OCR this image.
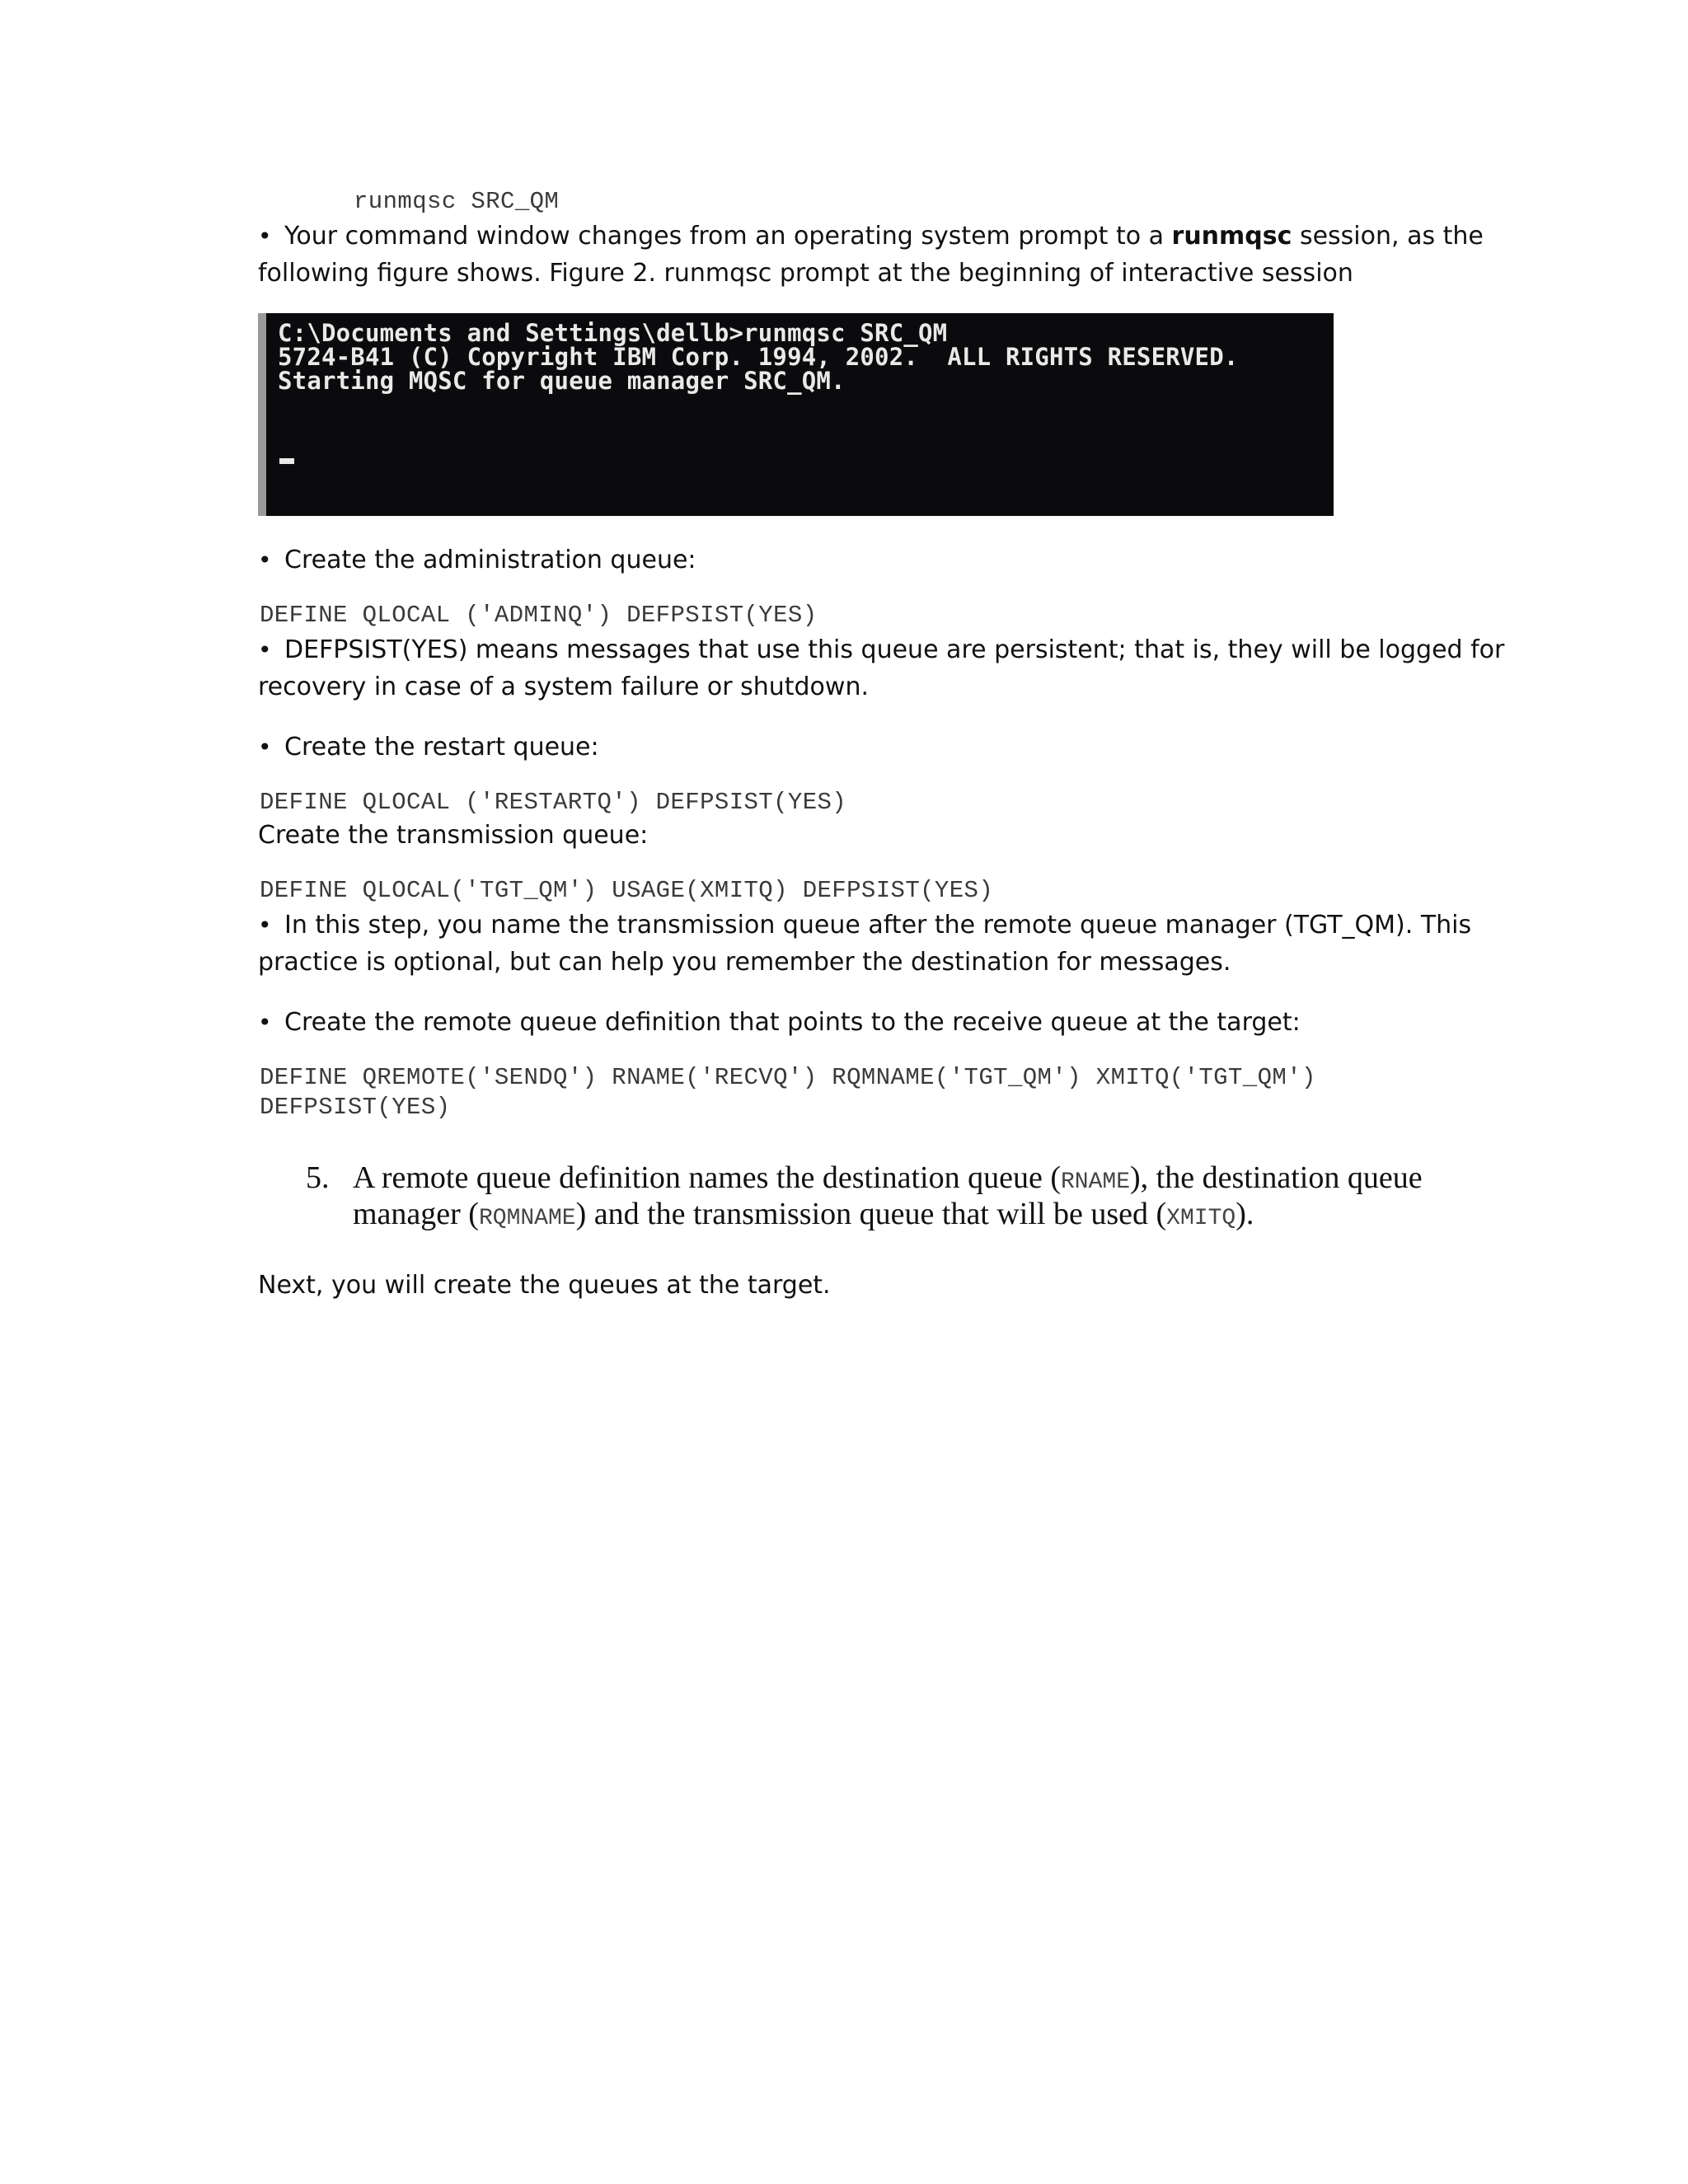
runmqsc SRC_QM

• Your command window changes from an operating system prompt to a runmqsc session, as the

following figure shows. Figure 2. runmqsc prompt at the beginning of interactive session

C:\Documents and Settings\dellb>runmqsc SRC_QM

5724-B41 (C) Copyright IBM Corp. 1994, 2002.  ALL RIGHTS RESERVED.

Starting MQSC for queue manager SRC_QM.

• Create the administration queue:

DEFINE QLOCAL ('ADMINQ') DEFPSIST(YES)

• DEFPSIST(YES) means messages that use this queue are persistent; that is, they will be logged for

recovery in case of a system failure or shutdown.

• Create the restart queue:

DEFINE QLOCAL ('RESTARTQ') DEFPSIST(YES)

Create the transmission queue:

DEFINE QLOCAL('TGT_QM') USAGE(XMITQ) DEFPSIST(YES)

• In this step, you name the transmission queue after the remote queue manager (TGT_QM). This

practice is optional, but can help you remember the destination for messages.

• Create the remote queue definition that points to the receive queue at the target:

DEFINE QREMOTE('SENDQ') RNAME('RECVQ') RQMNAME('TGT_QM') XMITQ('TGT_QM')

DEFPSIST(YES)

5. A remote queue definition names the destination queue (RNAME), the destination queue

manager (RQMNAME) and the transmission queue that will be used (XMITQ).

Next, you will create the queues at the target.
